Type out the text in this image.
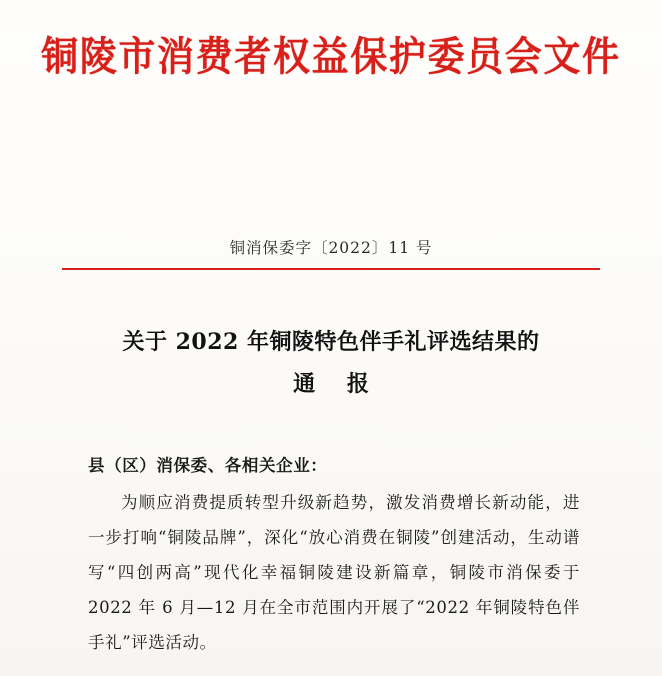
铜陵市消费者权益保护委员会文件
铜消保委字〔2022〕11 号
关于 2022 年铜陵特色伴手礼评选结果的
通 报

县（区）消保委、各相关企业：

为顺应消费提质转型升级新趋势，激发消费增长新动能，进一步打响“铜陵品牌”，深化“放心消费在铜陵”创建活动，生动谱写“四创两高”现代化幸福铜陵建设新篇章，铜陵市消保委于 2022 年 6 月—12 月在全市范围内开展了“2022 年铜陵特色伴手礼”评选活动。
